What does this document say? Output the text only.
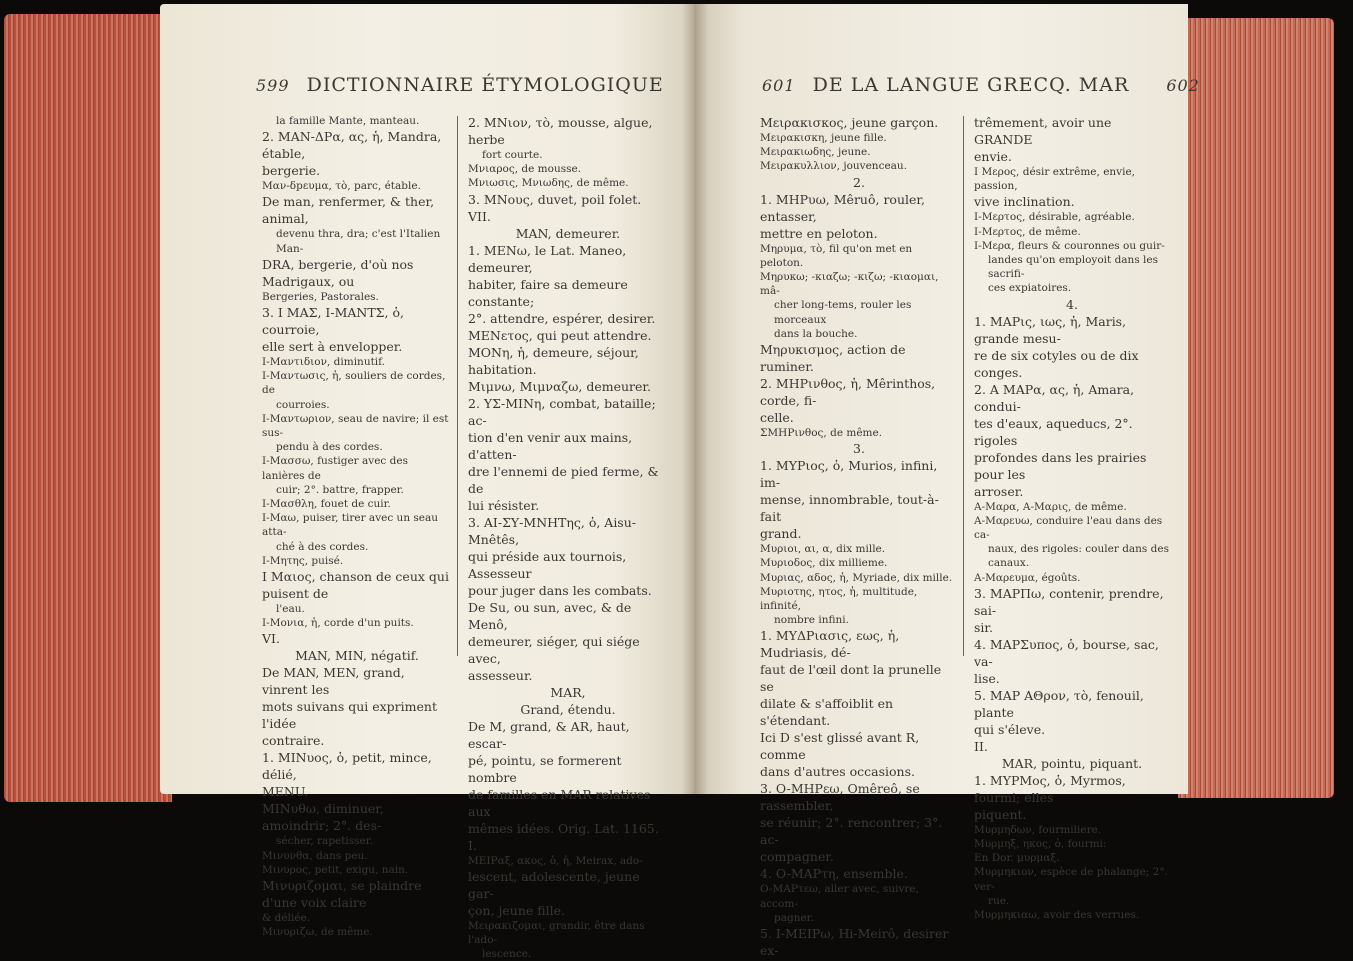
599 DICTIONNAIRE ÉTYMOLOGIQUE

la famille Mante, manteau.

2. MAN-ΔPα, ας, ἡ, Mandra, étable,

bergerie.

Mαν-δpευμα, τὸ, parc, étable.

De man, renfermer, & ther, animal,

devenu thra, dra; c'est l'Italien Man-

DRA, bergerie, d'où nos Madrigaux, ou

Bergeries, Pastorales.

3. I MAΣ, I-MANTΣ, ὁ, courroie,

elle sert à envelopper.

I-Mαντιδιον, diminutif.

I-Mαντωσις, ἡ, souliers de cordes, de

courroies.

I-Mαντωριον, seau de navire; il est sus-

pendu à des cordes.

I-Mασσω, fustiger avec des lanières de

cuir; 2°. battre, frapper.

I-Μασθλη, fouet de cuir.

I-Μαω, puiser, tirer avec un seau atta-

ché à des cordes.

I-Mητης, puisé.

I Mαιος, chanson de ceux qui puisent de

l'eau.

I-Μονια, ἡ, corde d'un puits.

VI.

MAN, MIN, négatif.

De MAN, MEN, grand, vinrent les

mots suivans qui expriment l'idée

contraire.

1. MINυος, ὁ, petit, mince, délié,

MENU.

MINυθω, diminuer, amoindrir; 2°. des-

sécher, rapetisser.

Μινυνθα, dans peu.

Mινυρος, petit, exigu, nain.

Mινυριζομαι, se plaindre d'une voix claire

& déliée.

Μινυριζω, de même.

2. MNιον, τὸ, mousse, algue, herbe

fort courte.

Mνιαρος, de mousse.

Mνιωσις, Mνιωδης, de même.

3. MNoυς, duvet, poil folet.

VII.

MAN, demeurer.

1. MENω, le Lat. Maneo, demeurer,

habiter, faire sa demeure constante;

2°. attendre, espérer, desirer.

MENετος, qui peut attendre.

MONη, ἡ, demeure, séjour, habitation.

Mιμνω, Mιμναζω, demeurer.

2. ΥΣ-MINη, combat, bataille; ac-

tion d'en venir aux mains, d'atten-

dre l'ennemi de pied ferme, & de

lui résister.

3. AI-ΣΥ-MNHTης, ὁ, Aisu-Mnêtês,

qui préside aux tournois, Assesseur

pour juger dans les combats.

De Su, ou sun, avec, & de Menô,

demeurer, siéger, qui siége avec,

assesseur.

MAR,

Grand, étendu.

De M, grand, & AR, haut, escar-

pé, pointu, se formerent nombre

de familles en MAR relatives aux

mêmes idées. Orig. Lat. 1165.

I.

MEIPαξ, ακος, ὁ, ἡ, Meirax, ado-

lescent, adolescente, jeune gar-

çon, jeune fille.

Mειρακιζομαι, grandir, être dans l'ado-

lescence.

601 DE LA LANGUE GRECQ. MAR 602

Mειρακισκος, jeune garçon.

Mειρακισκη, jeune fille.

Mειρακιωδης, jeune.

Mειρακυλλιον, jouvenceau.

2.

1. MHPυω, Mêruô, rouler, entasser,

mettre en peloton.

Mηρυμα, τὸ, fil qu'on met en peloton.

Mηρυκω; -κιαζω; -κιζω; -κιαομαι, mâ-

cher long-tems, rouler les morceaux

dans la bouche.

Mηρυκισμος, action de ruminer.

2. MHPινθος, ἡ, Mêrinthos, corde, fi-

celle.

ΣMHPινθος, de même.

3.

1. MYPιος, ὁ, Murios, infini, im-

mense, innombrable, tout-à-fait

grand.

Mυριοι, αι, α, dix mille.

Mυριοδος, dix millieme.

Mυριας, αδος, ἡ, Myriade, dix mille.

Mυριοτης, ητος, ἡ, multitude, infinité,

nombre infini.

1. MYΔPιασις, εως, ἡ, Mudriasis, dé-

faut de l'œil dont la prunelle se

dilate & s'affoiblit en s'étendant.

Ici D s'est glissé avant R, comme

dans d'autres occasions.

3. O-MHPεω, Omêreô, se rassembler,

se réunir; 2°. rencontrer; 3°. ac-

compagner.

4. O-MAPτη, ensemble.

O-MAPτεω, aller avec, suivre, accom-

pagner.

5. I-MEIPω, Hi-Meirô, desirer ex-

trêmement, avoir une GRANDE

envie.

I Mερος, désir extrême, envie, passion,

vive inclination.

I-Mερτος, désirable, agréable.

I-Mερτος, de même.

I-Mερα, fleurs & couronnes ou guir-

landes qu'on employoit dans les sacrifi-

ces expiatoires.

4.

1. MAPις, ιως, ἡ, Maris, grande mesu-

re de six cotyles ou de dix conges.

2. A MAPα, ας, ἡ, Amara, condui-

tes d'eaux, aqueducs, 2°. rigoles

profondes dans les prairies pour les

arroser.

A-Mαρα, A-Mαρις, de même.

A-Mαρευω, conduire l'eau dans des ca-

naux, des rigoles: couler dans des

canaux.

A-Mαρευμα, égoûts.

3. MAPΠω, contenir, prendre, sai-

sir.

4. MAPΣυπος, ὁ, bourse, sac, va-

lise.

5. MAP AΘρον, τὸ, fenouil, plante

qui s'éleve.

II.

MAR, pointu, piquant.

1. MYPMος, ὁ, Myrmos, fourmi; elles

piquent.

Mυρμηδων, fourmiliere.

Mυρμηξ, ηκος, ὁ, fourmi:

En Dor. μυρμαξ.

Mυρμηκιον, espèce de phalange; 2°. ver-

rue.

Mυρμηκιαω, avoir des verrues.
